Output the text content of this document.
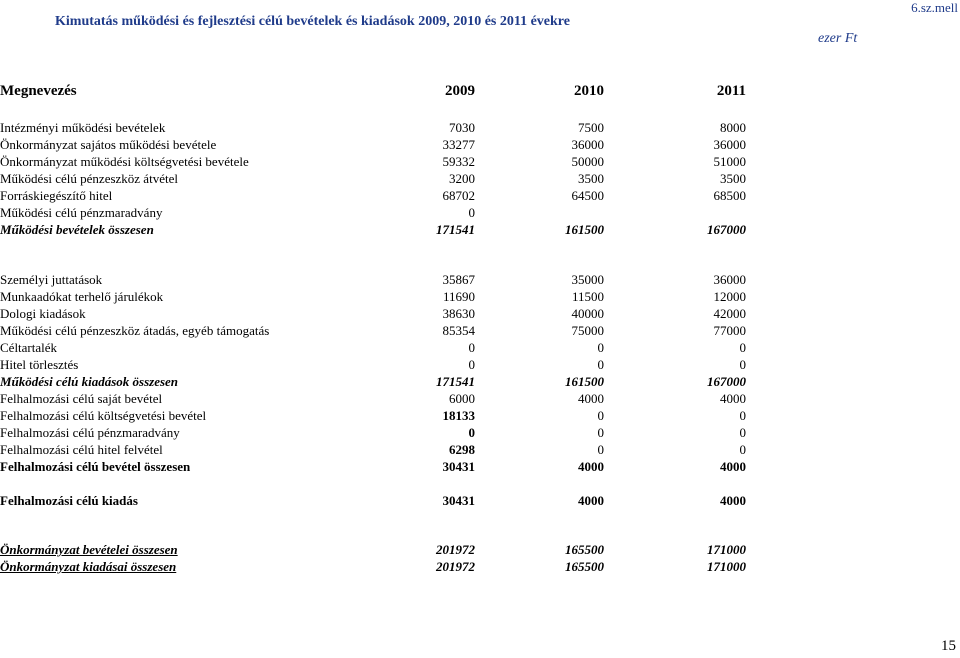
Kimutatás működési és fejlesztési célú bevételek és kiadások 2009, 2010 és 2011 évekre
6.sz.mell
ezer Ft
Megnevezés	2009	2010	2011
Intézményi működési bevételek	7030	7500	8000
Önkormányzat sajátos működési bevétele	33277	36000	36000
Önkormányzat működési költségvetési bevétele	59332	50000	51000
Működési célú pénzeszköz átvétel	3200	3500	3500
Forráskiegészítő hitel	68702	64500	68500
Működési célú pénzmaradvány	0
Működési bevételek összesen	171541	161500	167000
Személyi juttatások	35867	35000	36000
Munkaadókat terhelő járulékok	11690	11500	12000
Dologi kiadások	38630	40000	42000
Működési célú pénzeszköz átadás, egyéb támogatás	85354	75000	77000
Céltartalék	0	0	0
Hitel törlesztés	0	0	0
Működési célú kiadások összesen	171541	161500	167000
Felhalmozási célú saját bevétel	6000	4000	4000
Felhalmozási célú költségvetési bevétel	18133	0	0
Felhalmozási célú pénzmaradvány	0	0	0
Felhalmozási célú hitel felvétel	6298	0	0
Felhalmozási célú bevétel összesen	30431	4000	4000
Felhalmozási célú kiadás	30431	4000	4000
Önkormányzat bevételei összesen	201972	165500	171000
Önkormányzat kiadásai összesen	201972	165500	171000
15
